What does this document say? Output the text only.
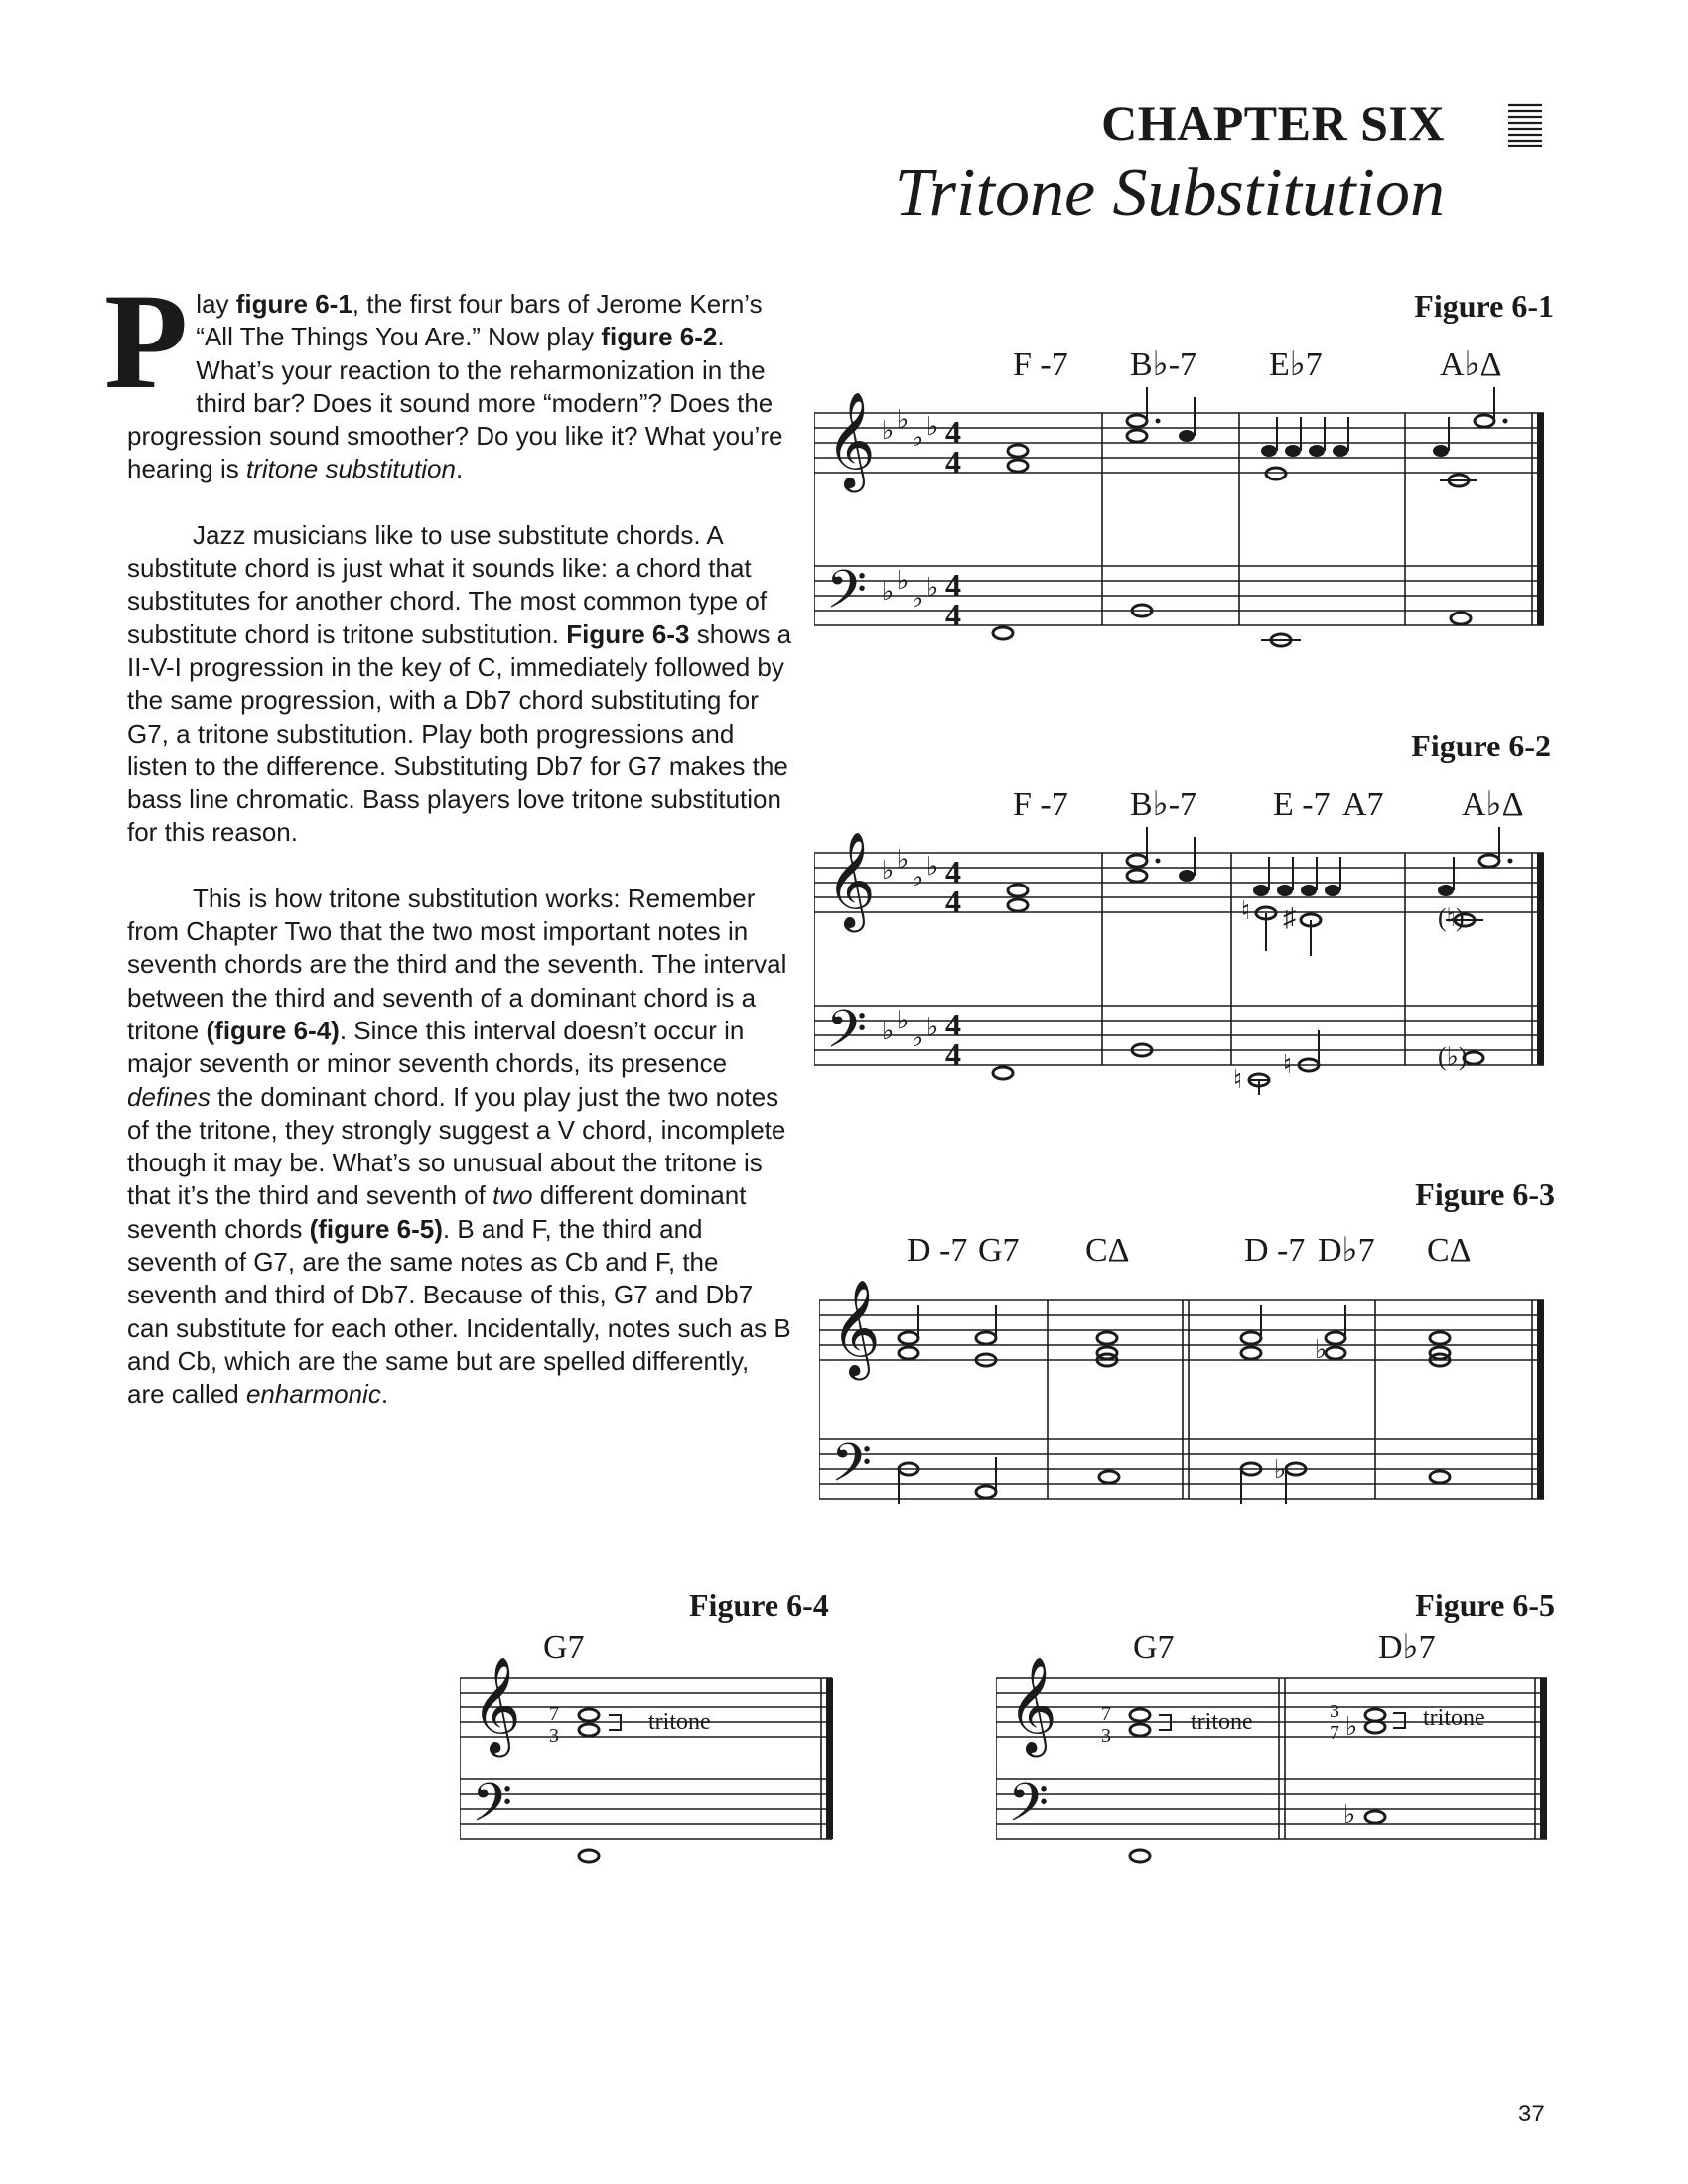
CHAPTER SIX
Tritone Substitution

Play figure 6-1, the first four bars of Jerome Kern’s “All The Things You Are.” Now play figure 6-2. What’s your reaction to the reharmonization in the third bar? Does it sound more “modern”? Does the progression sound smoother? Do you like it? What you’re hearing is tritone substitution.

Jazz musicians like to use substitute chords. A substitute chord is just what it sounds like: a chord that substitutes for another chord. The most common type of substitute chord is tritone substitution. Figure 6-3 shows a II-V-I progression in the key of C, immediately followed by the same progression, with a Db7 chord substituting for G7, a tritone substitution. Play both progressions and listen to the difference. Substituting Db7 for G7 makes the bass line chromatic. Bass players love tritone substitution for this reason.

This is how tritone substitution works: Remember from Chapter Two that the two most important notes in seventh chords are the third and the seventh. The interval between the third and seventh of a dominant chord is a tritone (figure 6-4). Since this interval doesn’t occur in major seventh or minor seventh chords, its presence defines the dominant chord. If you play just the two notes of the tritone, they strongly suggest a V chord, incomplete though it may be. What’s so unusual about the tritone is that it’s the third and seventh of two different dominant seventh chords (figure 6-5). B and F, the third and seventh of G7, are the same notes as Cb and F, the seventh and third of Db7. Because of this, G7 and Db7 can substitute for each other. Incidentally, notes such as B and Cb, which are the same but are spelled differently, are called enharmonic.

Figure 6-1
Figure 6-2
Figure 6-3
Figure 6-4	Figure 6-5
𝄞
𝄢
♭ ♭
♭ ♭
♭ ♭
♭ ♭
4
4
4
4
F -7 B♭-7 E♭7	A♭Δ
𝄞
𝄢
♭ ♭
♭ ♭
♭ ♭
♭ ♭
4
4
4
4
♮ ♯	(♮)
♮
♮	(♭)
F -7 B♭-7 E -7 A7 A♭Δ
𝄞
𝄢
♭
♭
D -7 G7 CΔ	D -7 D♭7 CΔ
𝄞
𝄢
G7
7
3
tritone	𝄞
𝄢
G7	D♭7
7
3
3
7
tritone	tritone
♭
♭
37
